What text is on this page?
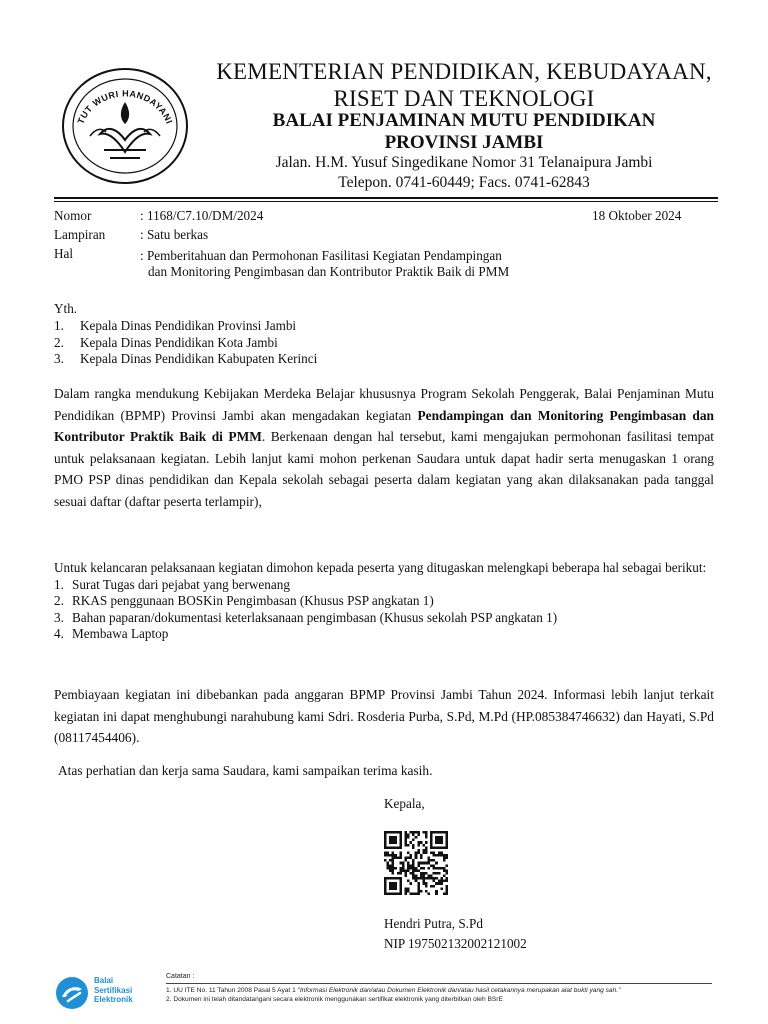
TUT WURI HANDAYANI
KEMENTERIAN PENDIDIKAN, KEBUDAYAAN,
RISET DAN TEKNOLOGI
BALAI PENJAMINAN MUTU PENDIDIKAN
PROVINSI JAMBI
Jalan. H.M. Yusuf Singedikane Nomor 31 Telanaipura Jambi
Telepon. 0741-60449; Facs. 0741-62843
Nomor	: 1168/C7.10/DM/2024	18 Oktober 2024
Lampiran	: Satu berkas
Hal	: Pemberitahuan dan Permohonan Fasilitasi Kegiatan Pendampingan
dan Monitoring Pengimbasan dan Kontributor Praktik Baik di PMM
Yth.
1. Kepala Dinas Pendidikan Provinsi Jambi
2. Kepala Dinas Pendidikan Kota Jambi
3. Kepala Dinas Pendidikan Kabupaten Kerinci
Dalam rangka mendukung Kebijakan Merdeka Belajar khususnya Program Sekolah Penggerak, Balai Penjaminan Mutu Pendidikan (BPMP) Provinsi Jambi akan mengadakan kegiatan Pendampingan dan Monitoring Pengimbasan dan Kontributor Praktik Baik di PMM. Berkenaan dengan hal tersebut, kami mengajukan permohonan fasilitasi tempat untuk pelaksanaan kegiatan. Lebih lanjut kami mohon perkenan Saudara untuk dapat hadir serta menugaskan 1 orang PMO PSP dinas pendidikan dan Kepala sekolah sebagai peserta dalam kegiatan yang akan dilaksanakan pada tanggal sesuai daftar (daftar peserta terlampir),
Untuk kelancaran pelaksanaan kegiatan dimohon kepada peserta yang ditugaskan melengkapi beberapa hal sebagai berikut:
1. Surat Tugas dari pejabat yang berwenang
2. RKAS penggunaan BOSKin Pengimbasan (Khusus PSP angkatan 1)
3. Bahan paparan/dokumentasi keterlaksanaan pengimbasan (Khusus sekolah PSP angkatan 1)
4. Membawa Laptop
Pembiayaan kegiatan ini dibebankan pada anggaran BPMP Provinsi Jambi Tahun 2024. Informasi lebih lanjut terkait kegiatan ini dapat menghubungi narahubung kami Sdri. Rosderia Purba, S.Pd, M.Pd (HP.085384746632) dan Hayati, S.Pd (08117454406).
Atas perhatian dan kerja sama Saudara, kami sampaikan terima kasih.
Kepala,
Hendri Putra, S.Pd
NIP 197502132002121002
Balai
Sertifikasi
Elektronik
Catatan :
1. UU ITE No. 11 Tahun 2008 Pasal 5 Ayat 1 "Informasi Elektronik dan/atau Dokumen Elektronik dan/atau hasil cetakannya merupakan alat bukti yang sah."
2. Dokumen ini telah ditandatangani secara elektronik menggunakan sertifikat elektronik yang diterbitkan oleh BSrE
